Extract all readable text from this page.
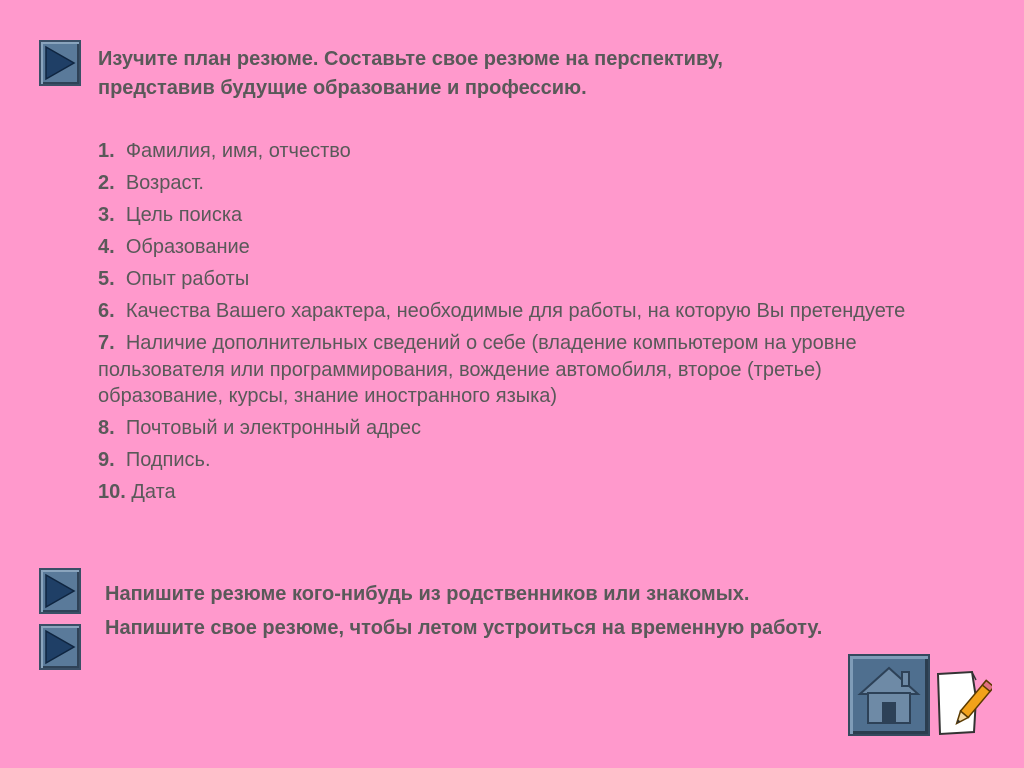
Изучите план резюме. Составьте свое резюме на перспективу,
представив будущие образование и профессию.

1. Фамилия, имя, отчество
2. Возраст.
3. Цель поиска
4. Образование
5. Опыт работы
6. Качества Вашего характера, необходимые для работы, на которую Вы претендуете
7. Наличие дополнительных сведений о себе (владение компьютером на уровне пользователя или программирования, вождение автомобиля, второе (третье) образование, курсы, знание иностранного языка)
8. Почтовый и электронный адрес
9. Подпись.
10. Дата

Напишите резюме кого-нибудь из родственников или знакомых.

Напишите свое резюме, чтобы летом устроиться на временную работу.
